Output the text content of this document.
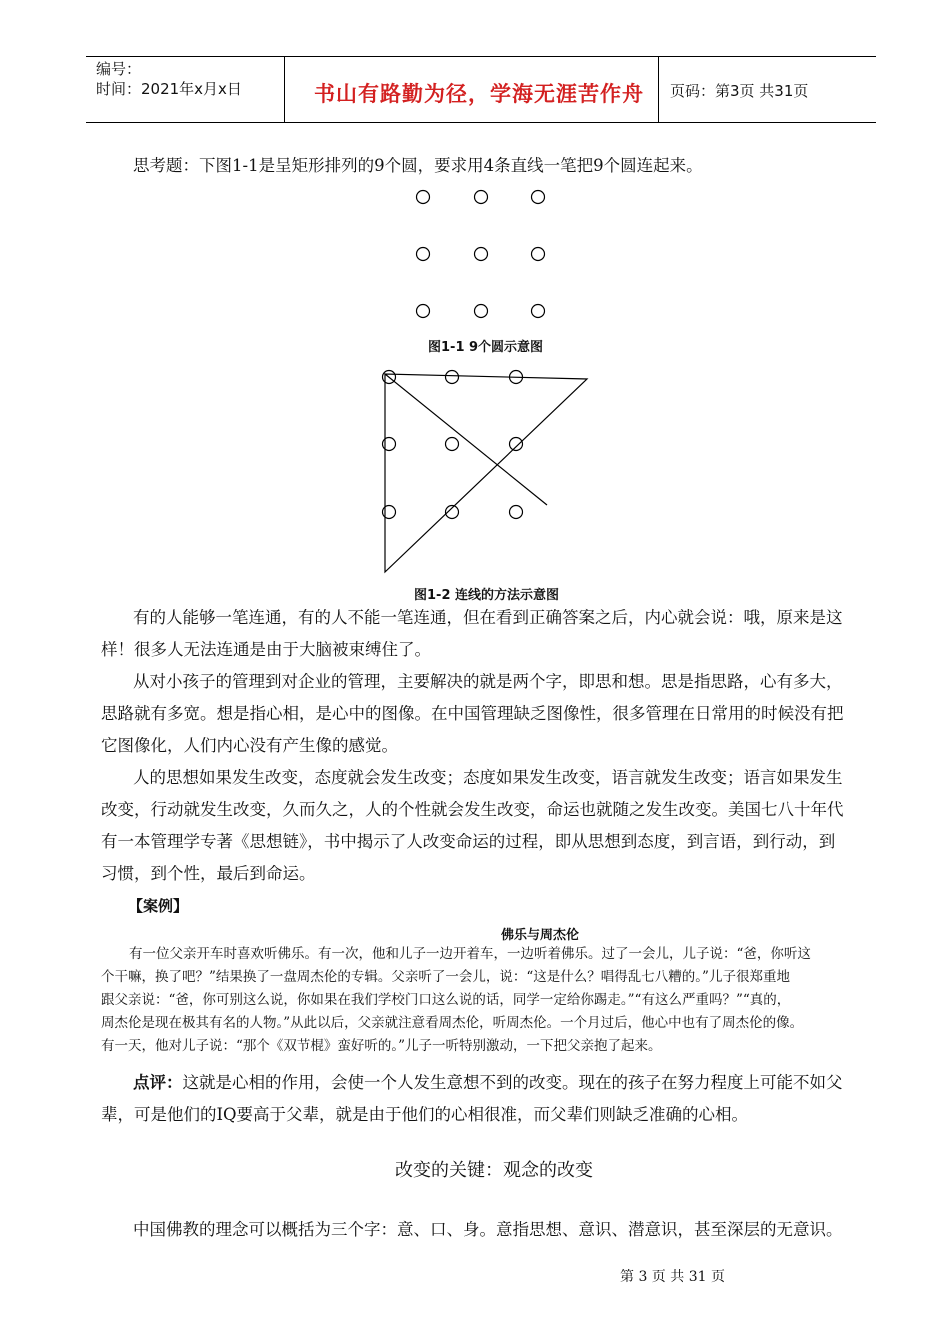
编号：
时间：2021年x月x日	书山有路勤为径，学海无涯苦作舟	页码：第3页 共31页
思考题：下图1-1是呈矩形排列的9个圆，要求用4条直线一笔把9个圆连起来。
图1-1 9个圆示意图
图1-2 连线的方法示意图

有的人能够一笔连通，有的人不能一笔连通，但在看到正确答案之后，内心就会说：哦，原来是这

样！很多人无法连通是由于大脑被束缚住了。

从对小孩子的管理到对企业的管理，主要解决的就是两个字，即思和想。思是指思路，心有多大，

思路就有多宽。想是指心相，是心中的图像。在中国管理缺乏图像性，很多管理在日常用的时候没有把

它图像化，人们内心没有产生像的感觉。

人的思想如果发生改变，态度就会发生改变；态度如果发生改变，语言就发生改变；语言如果发生

改变，行动就发生改变，久而久之，人的个性就会发生改变，命运也就随之发生改变。美国七八十年代

有一本管理学专著《思想链》，书中揭示了人改变命运的过程，即从思想到态度，到言语，到行动，到

习惯，到个性，最后到命运。

【案例】
佛乐与周杰伦

有一位父亲开车时喜欢听佛乐。有一次，他和儿子一边开着车，一边听着佛乐。过了一会儿，儿子说：“爸，你听这

个干嘛，换了吧？”结果换了一盘周杰伦的专辑。父亲听了一会儿，说：“这是什么？唱得乱七八糟的。”儿子很郑重地

跟父亲说：“爸，你可别这么说，你如果在我们学校门口这么说的话，同学一定给你踢走。”“有这么严重吗？”“真的，

周杰伦是现在极其有名的人物。”从此以后，父亲就注意看周杰伦，听周杰伦。一个月过后，他心中也有了周杰伦的像。

有一天，他对儿子说：“那个《双节棍》蛮好听的。”儿子一听特别激动，一下把父亲抱了起来。

点评：这就是心相的作用，会使一个人发生意想不到的改变。现在的孩子在努力程度上可能不如父

辈，可是他们的IQ要高于父辈，就是由于他们的心相很准，而父辈们则缺乏准确的心相。

改变的关键：观念的改变
中国佛教的理念可以概括为三个字：意、口、身。意指思想、意识、潜意识，甚至深层的无意识。
第 3 页 共 31 页
